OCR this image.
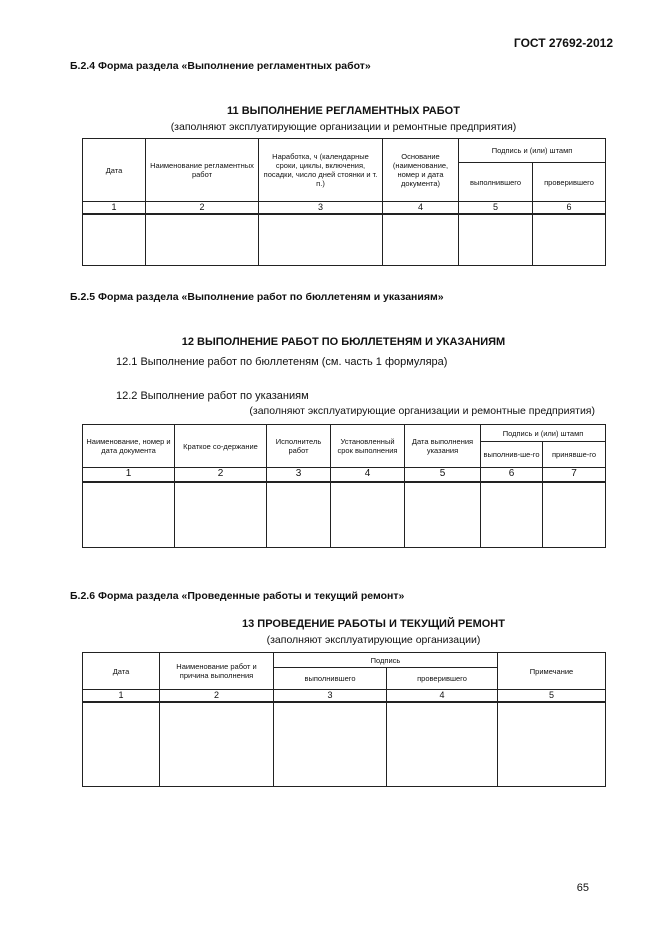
ГОСТ 27692-2012
Б.2.4 Форма раздела «Выполнение регламентных работ»
11 ВЫПОЛНЕНИЕ РЕГЛАМЕНТНЫХ РАБОТ
(заполняют эксплуатирующие организации и ремонтные предприятия)
Дата	Наименование регламентных работ	Наработка, ч (календарные сроки, циклы, включения, посадки, число дней стоянки и т. п.)	Основание (наименование, номер и дата документа)	Подпись и (или) штамп	
				выполнившего	проверившего
1	2	3	4	5	6

Б.2.5 Форма раздела «Выполнение работ по бюллетеням и указаниям»
12 ВЫПОЛНЕНИЕ РАБОТ ПО БЮЛЛЕТЕНЯМ И УКАЗАНИЯМ
12.1 Выполнение работ по бюллетеням (см. часть 1 формуляра)
12.2 Выполнение работ по указаниям
(заполняют эксплуатирующие организации и ремонтные предприятия)
Наименование, номер и дата документа	Краткое со-держание	Исполнитель работ	Установленный срок выполнения	Дата выполнения указания	Подпись и (или) штамп	
					выполнив-ше-го	принявше-го
1	2	3	4	5	6	7

Б.2.6 Форма раздела «Проведенные работы и текущий ремонт»
13 ПРОВЕДЕНИЕ РАБОТЫ И ТЕКУЩИЙ РЕМОНТ
(заполняют эксплуатирующие организации)
Дата	Наименование работ и причина выполнения	Подпись		Примечание
		выполнившего	проверившего	
1	2	3	4	5

65
